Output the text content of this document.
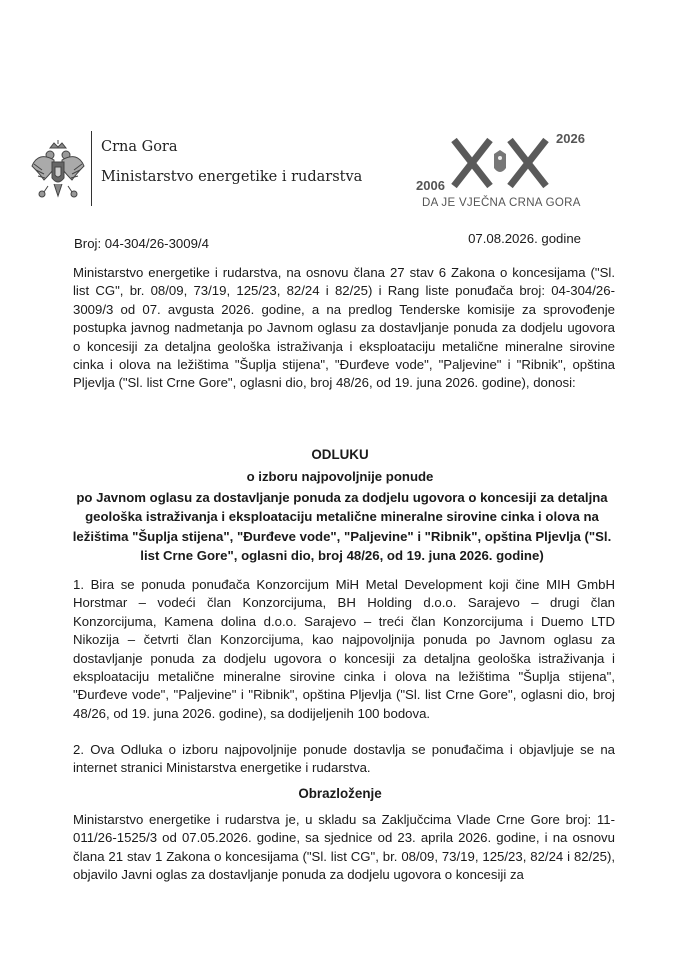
Crna Gora
Ministarstvo energetike i rudarstva
2026
2006
DA JE VJEČNA CRNA GORA
Broj: 04-304/26-3009/4	07.08.2026. godine

Ministarstvo energetike i rudarstva, na osnovu člana 27 stav 6 Zakona o koncesijama ("Sl. list CG", br. 08/09, 73/19, 125/23, 82/24 i 82/25) i Rang liste ponuđača broj: 04-304/26-3009/3 od 07. avgusta 2026. godine, a na predlog Tenderske komisije za sprovođenje postupka javnog nadmetanja po Javnom oglasu za dostavljanje ponuda za dodjelu ugovora o koncesiji za detaljna geološka istraživanja i eksploataciju metalične mineralne sirovine cinka i olova na ležištima "Šuplja stijena", "Đurđeve vode", "Paljevine" i "Ribnik", opština Pljevlja ("Sl. list Crne Gore", oglasni dio, broj 48/26, od 19. juna 2026. godine), donosi:

ODLUKU

o izboru najpovoljnije ponude

po Javnom oglasu za dostavljanje ponuda za dodjelu ugovora o koncesiji za detaljna geološka istraživanja i eksploataciju metalične mineralne sirovine cinka i olova na ležištima "Šuplja stijena", "Đurđeve vode", "Paljevine" i "Ribnik", opština Pljevlja ("Sl. list Crne Gore", oglasni dio, broj 48/26, od 19. juna 2026. godine)

1. Bira se ponuda ponuđača Konzorcijum MiH Metal Development koji čine MIH GmbH Horstmar – vodeći član Konzorcijuma, BH Holding d.o.o. Sarajevo – drugi član Konzorcijuma, Kamena dolina d.o.o. Sarajevo – treći član Konzorcijuma i Duemo LTD Nikozija – četvrti član Konzorcijuma, kao najpovoljnija ponuda po Javnom oglasu za dostavljanje ponuda za dodjelu ugovora o koncesiji za detaljna geološka istraživanja i eksploataciju metalične mineralne sirovine cinka i olova na ležištima "Šuplja stijena", "Đurđeve vode", "Paljevine" i "Ribnik", opština Pljevlja ("Sl. list Crne Gore", oglasni dio, broj 48/26, od 19. juna 2026. godine), sa dodijeljenih 100 bodova.

2. Ova Odluka o izboru najpovoljnije ponude dostavlja se ponuđačima i objavljuje se na internet stranici Ministarstva energetike i rudarstva.

Obrazloženje

Ministarstvo energetike i rudarstva je, u skladu sa Zaključcima Vlade Crne Gore broj: 11-011/26-1525/3 od 07.05.2026. godine, sa sjednice od 23. aprila 2026. godine, i na osnovu člana 21 stav 1 Zakona o koncesijama ("Sl. list CG", br. 08/09, 73/19, 125/23, 82/24 i 82/25), objavilo Javni oglas za dostavljanje ponuda za dodjelu ugovora o koncesiji za
